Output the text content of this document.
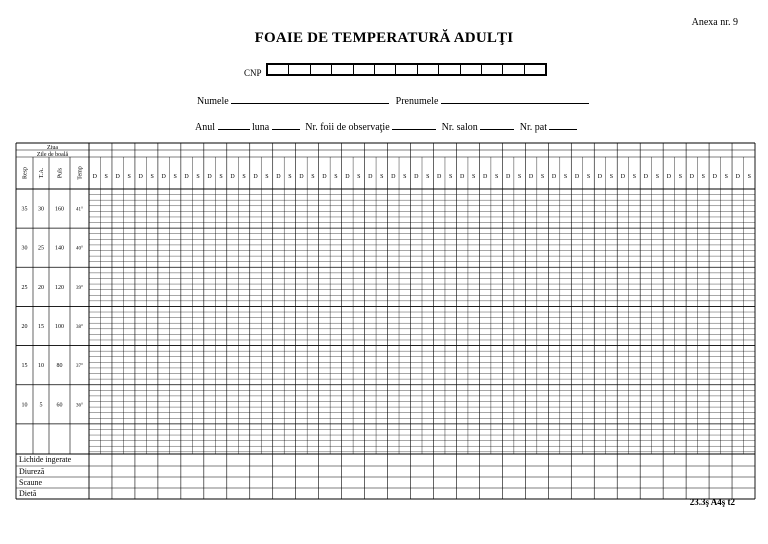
Anexa nr. 9
FOAIE DE TEMPERATURĂ ADULŢI
CNP
Numele	Prenumele
Anul	luna	Nr. foii de observaţie	Nr. salon	Nr. pat
D S D S D S D S D S D S D S D S D S D S D S D S D S D S D S D S D S D S D S D S D S D S D S D S D S D S D S D S D S
Ziua
Zile de boală
Resp T.A. Puls Temp
35 30 160 41°
30 25 140 40°
25 20 120 39°
20 15 100 38°
15 10 80	37°
10 5 60	36°
Lichide ingerate
Diureză
Scaune
Dietă
23.3ş A4ş t2
